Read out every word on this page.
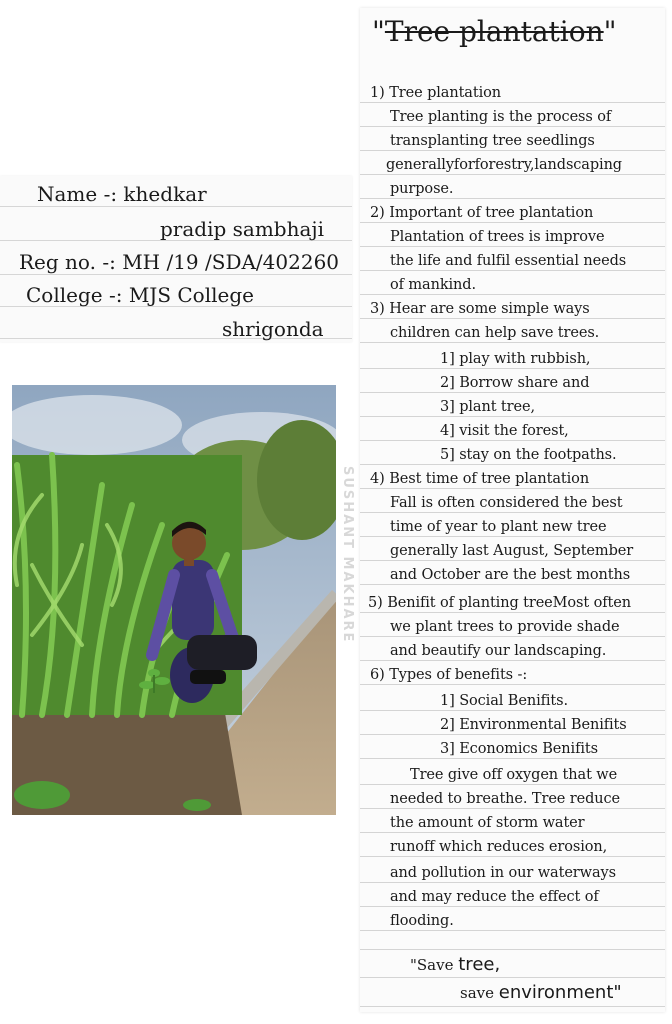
Name -: khedkar
pradip sambhaji
Reg no. -: MH /19 /SDA/402260
College -: MJS College
shrigonda
SUSHANT MAKHARE
"Tree plantation"
1) Tree plantation
Tree planting is the process of
transplanting tree seedlings
generallyforforestry,landscaping
purpose.
2) Important of tree plantation
Plantation of trees is improve
the life and fulfil essential needs
of mankind.
3) Hear are some simple ways
children can help save trees.
1] play with rubbish,
2] Borrow share and
3] plant tree,
4] visit the forest,
5] stay on the footpaths.
4) Best time of tree plantation
Fall is often considered the best
time of year to plant new tree
generally last August, September
and October are the best months
5) Benifit of planting treeMost often
we plant trees to provide shade
and beautify our landscaping.
6) Types of benefits -:
1] Social Benifits.
2] Environmental Benifits
3] Economics Benifits
Tree give off oxygen that we
needed to breathe. Tree reduce
the amount of storm water
runoff which reduces erosion,
and pollution in our waterways
and may reduce the effect of
flooding.
"Save tree,
save environment"
